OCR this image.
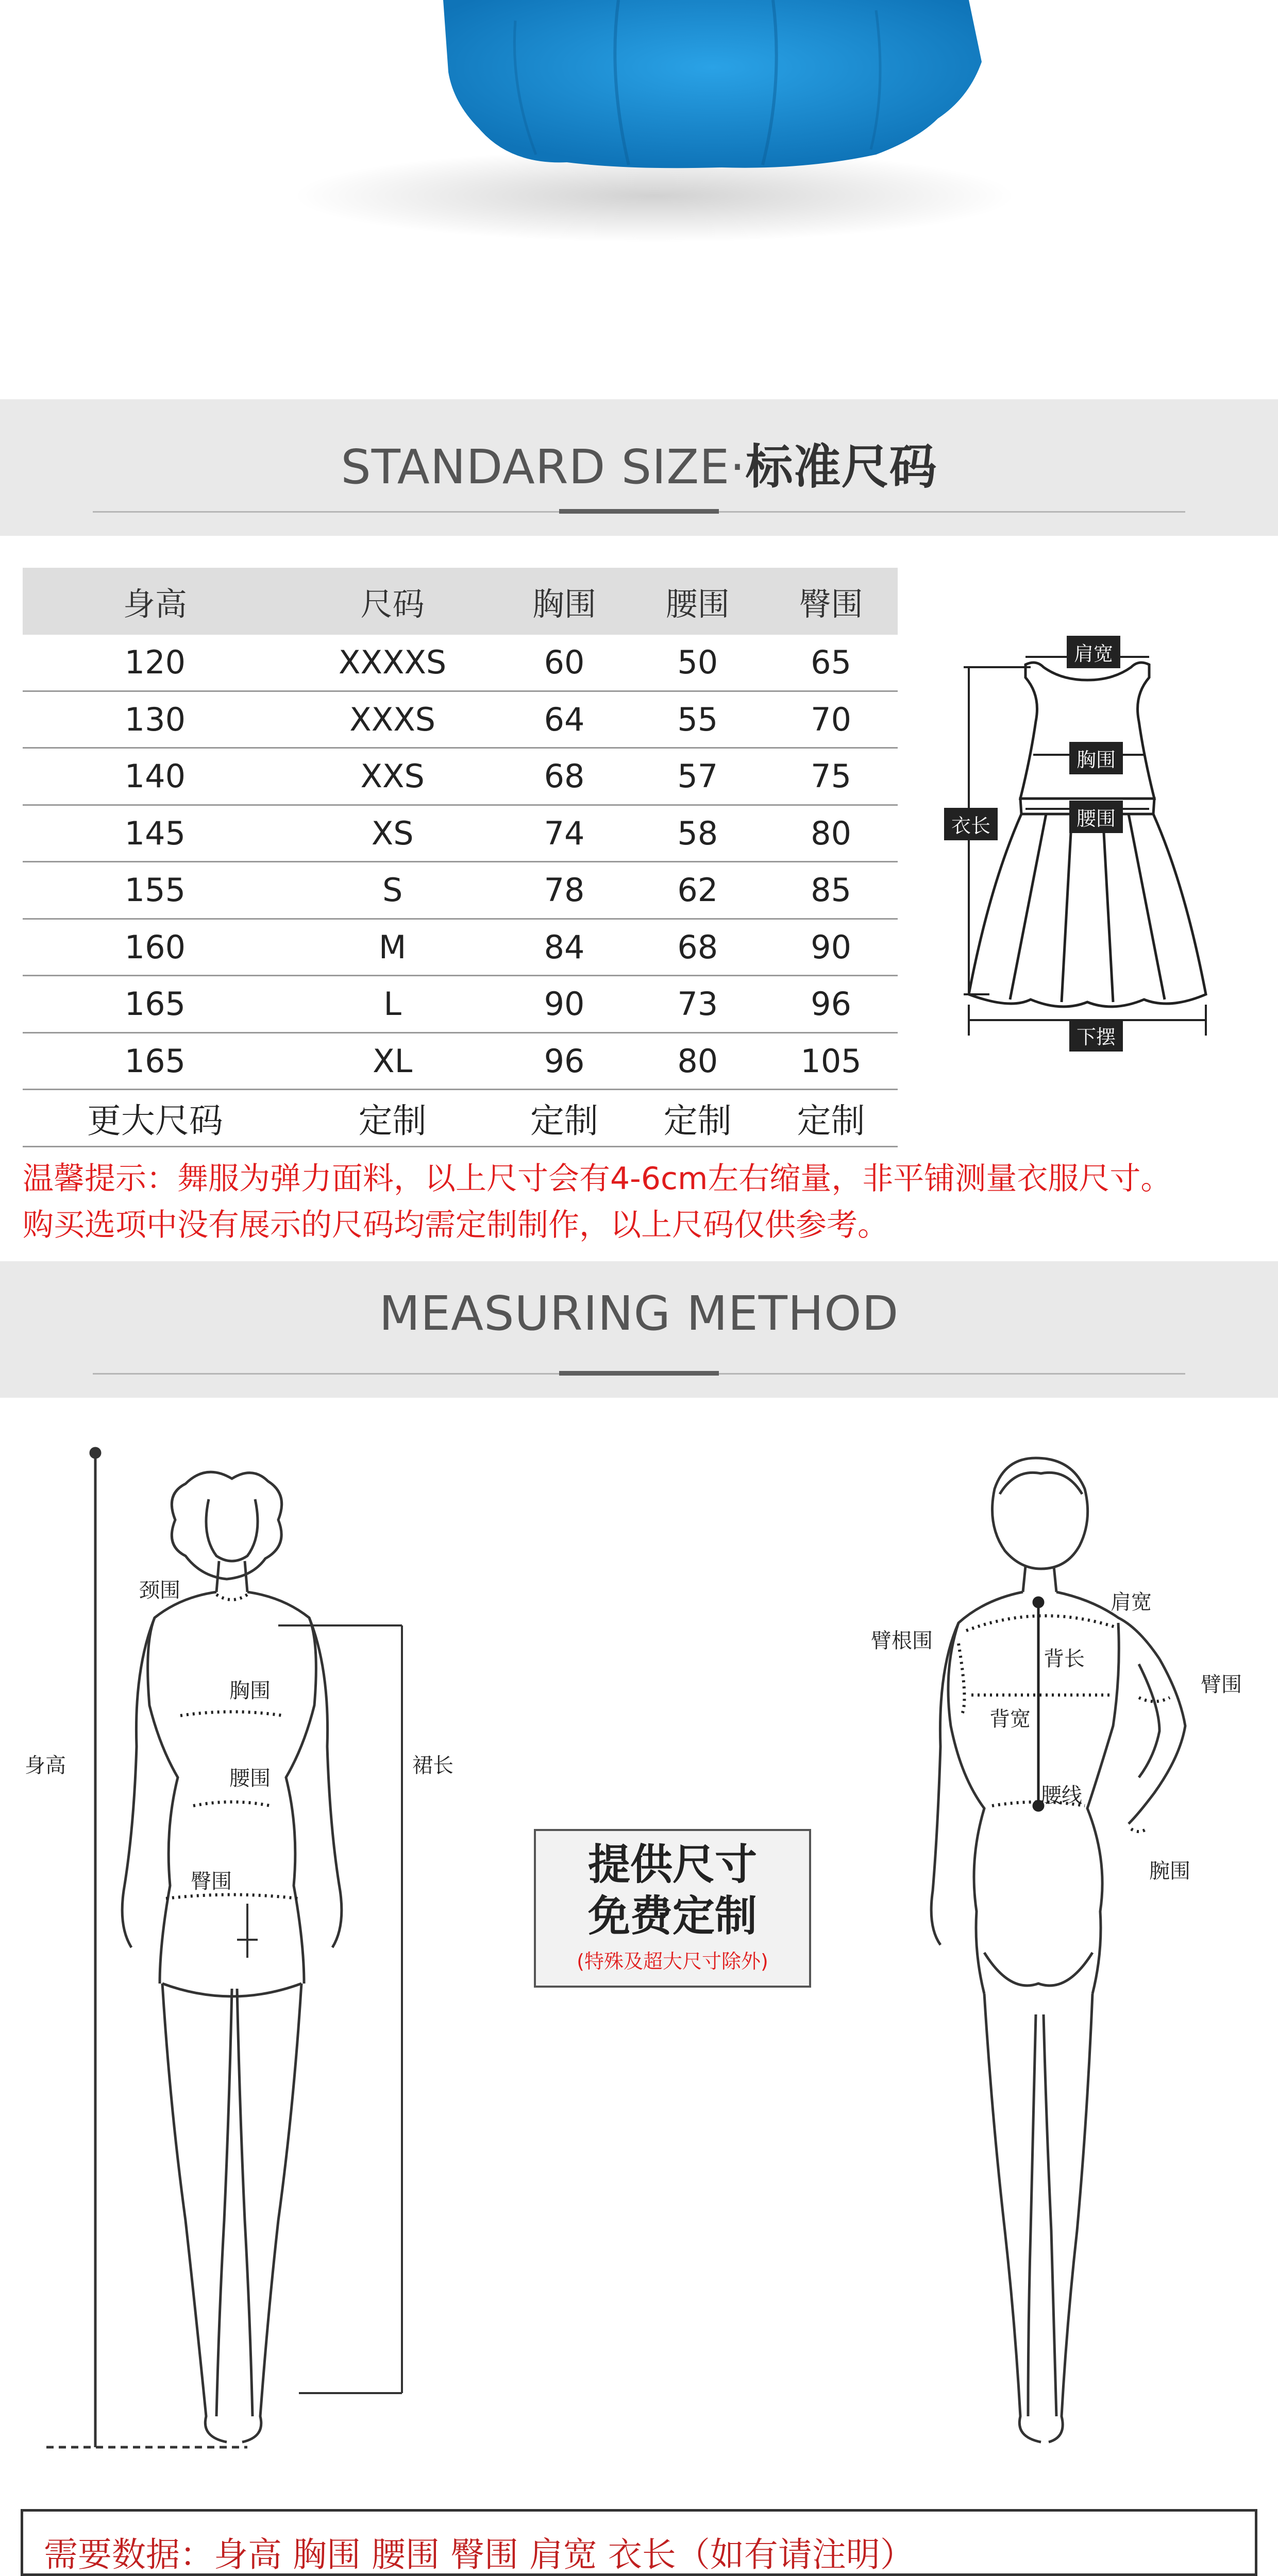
STANDARD SIZE·标准尺码
身高	尺码	胸围	腰围	臀围
120	XXXXS	60	50	65
130	XXXS	64	55	70
140	XXS	68	57	75
145	XS	74	58	80
155	S	78	62	85
160	M	84	68	90
165	L	90	73	96
165	XL	96	80	105
更大尺码	定制	定制	定制	定制
肩宽
胸围
腰围
衣长
下摆
温馨提示：舞服为弹力面料，以上尺寸会有4-6cm左右缩量，非平铺测量衣服尺寸。
购买选项中没有展示的尺码均需定制制作，以上尺码仅供参考。
MEASURING METHOD
颈围
胸围
腰围
臀围
身高	裙长
提供尺寸
免费定制
(特殊及超大尺寸除外)
肩宽
臂根围
背长
臂围
背宽
腰线
腕围
需要数据：身高 胸围 腰围 臀围 肩宽 衣长（如有请注明）
